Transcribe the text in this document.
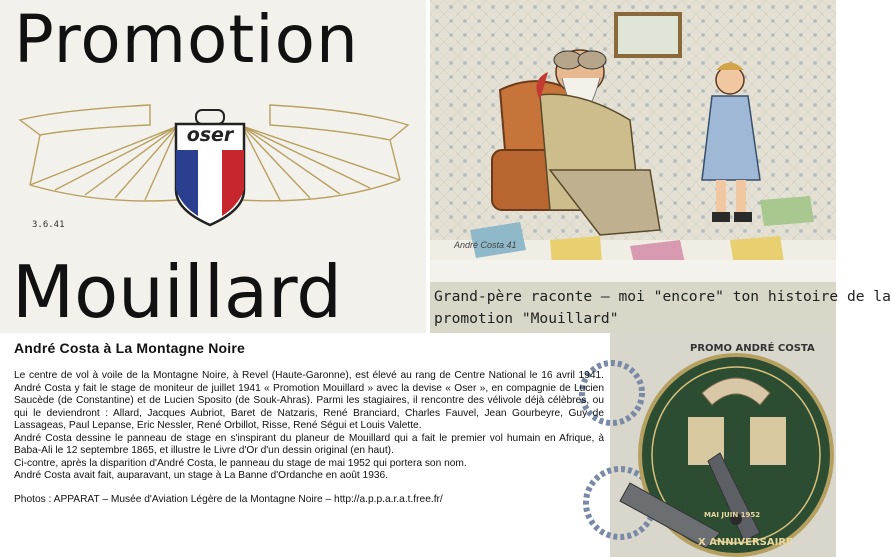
Promotion
oser
3.6.41
Mouillard
André Costa 41
Grand-père raconte – moi "encore" ton histoire de la
promotion "Mouillard"
PROMO ANDRÉ COSTA
MAI JUIN 1952
X ANNIVERSAIRE
André Costa à La Montagne Noire

Le centre de vol à voile de la Montagne Noire, à Revel (Haute-Garonne), est élevé au rang de Centre National le 16 avril 1941. André Costa y fait le stage de moniteur de juillet 1941 « Promotion Mouillard » avec la devise « Oser », en compagnie de Lucien Saucède (de Constantine) et de Lucien Sposito (de Souk-Ahras). Parmi les stagiaires, il rencontre des vélivole déjà célèbres, ou qui le deviendront : Allard, Jacques Aubriot, Baret de Natzaris, René Branciard, Charles Fauvel, Jean Gourbeyre, Guy de Lassageas, Paul Lepanse, Eric Nessler, René Orbillot, Risse, René Ségui et Louis Valette.

André Costa dessine le panneau de stage en s'inspirant du planeur de Mouillard qui a fait le premier vol humain en Afrique, à Baba-Ali le 12 septembre 1865, et illustre le Livre d'Or d'un dessin original (en haut).

Ci-contre, après la disparition d'André Costa, le panneau du stage de mai 1952 qui portera son nom.

André Costa avait fait, auparavant, un stage à La Banne d'Ordanche en août 1936.

Photos : APPARAT – Musée d'Aviation Légère de la Montagne Noire – http://a.p.p.a.r.a.t.free.fr/
